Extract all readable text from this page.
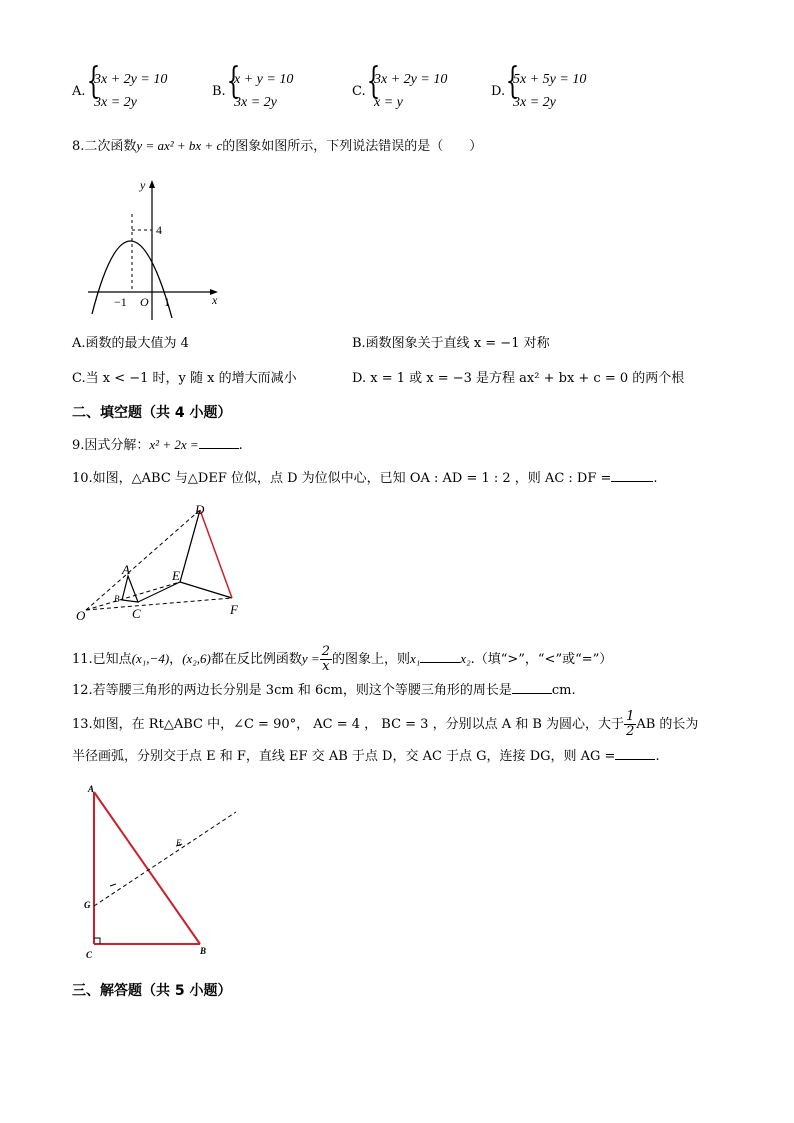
A. {
3x + 2y = 10
3x = 2y
B. {
x + y = 10
3x = 2y
C. {
3x + 2y = 10
x = y
D. {
5x + 5y = 10
3x = 2y
8.二次函数y = ax² + bx + c的图象如图所示，下列说法错误的是（　　）
y
x
4
O
−1	1
A.函数的最大值为 4	B.函数图象关于直线 x = −1 对称
C.当 x < −1 时，y 随 x 的增大而减小	D. x = 1 或 x = −3 是方程 ax² + bx + c = 0 的两个根
二、填空题（共 4 小题）
9.因式分解：x² + 2x =	.
10.如图，△ABC 与△DEF 位似，点 D 为位似中心，已知 OA : AD = 1 : 2 ，则 AC : DF =	.
D
A	E
O	C	F
B
11.已知点(x₁,−4)，(x₂,6)都在反比例函数$y = \frac{2}{x}$ 的图象上，则x₁	x₂.（填“>”，“<”或“=”）
12.若等腰三角形的两边长分别是 3cm 和 6cm，则这个等腰三角形的周长是	cm.
13.如图，在 Rt△ABC 中，∠C = 90°， AC = 4 ， BC = 3 ，分别以点 A 和 B 为圆心，大于 $\frac{1}{2}$ AB 的长为
半径画弧，分别交于点 E 和 F，直线 EF 交 AB 于点 D，交 AC 于点 G，连接 DG，则 AG =	.
A
E
G
C	B
三、解答题（共 5 小题）
